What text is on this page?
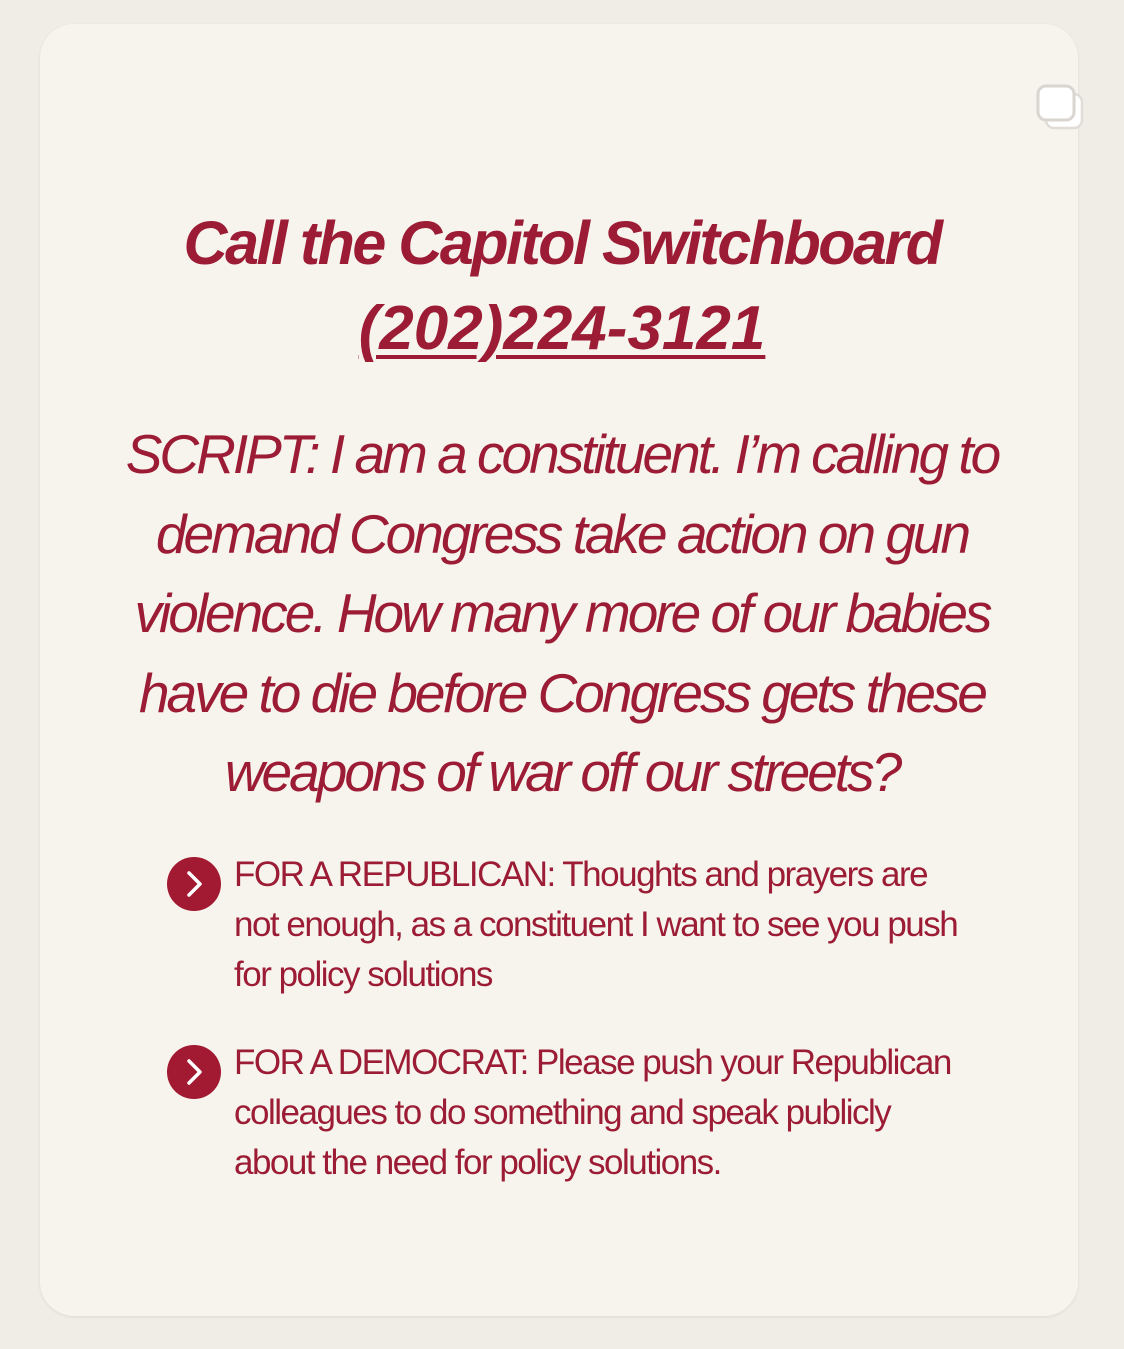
Call the Capitol Switchboard
(202)224-3121

SCRIPT: I am a constituent. I’m calling to demand Congress take action on gun violence. How many more of our babies have to die before Congress gets these weapons of war off our streets?

FOR A REPUBLICAN: Thoughts and prayers are not enough, as a constituent I want to see you push for policy solutions

FOR A DEMOCRAT: Please push your Republican colleagues to do something and speak publicly about the need for policy solutions.
